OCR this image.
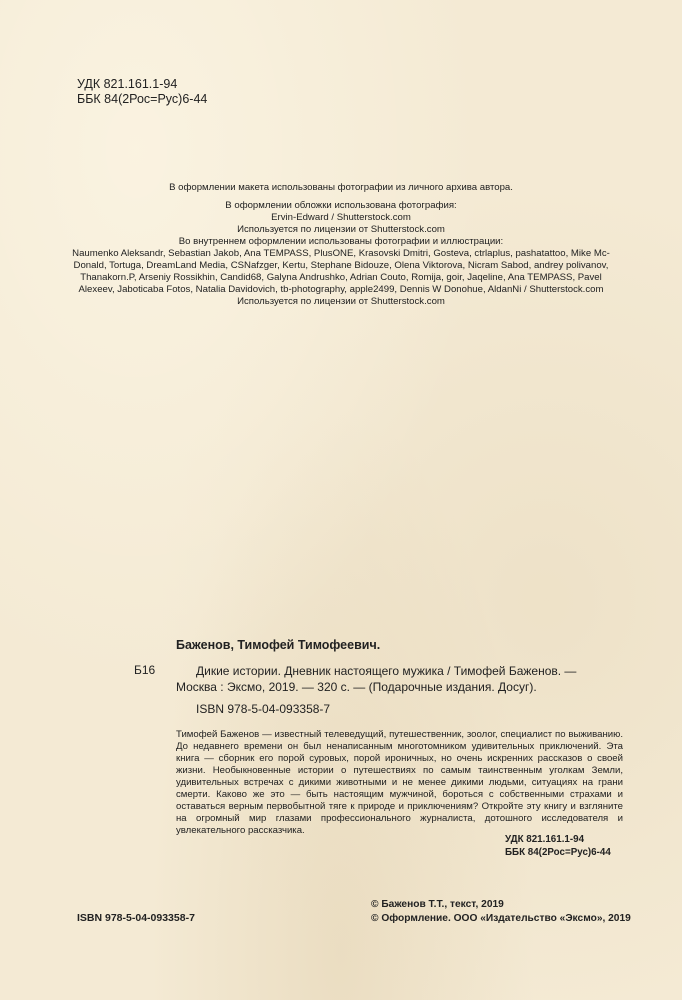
УДК 821.161.1-94
ББК 84(2Рос=Рус)6-44
В оформлении макета использованы фотографии из личного архива автора.
В оформлении обложки использована фотография:
Ervin-Edward / Shutterstock.com
Используется по лицензии от Shutterstock.com
Во внутреннем оформлении использованы фотографии и иллюстрации:
Naumenko Aleksandr, Sebastian Jakob, Ana TEMPASS, PlusONE, Krasovski Dmitri, Gosteva, ctrlaplus, pashatattoo, Mike Mc-
Donald, Tortuga, DreamLand Media, CSNafzger, Kertu, Stephane Bidouze, Olena Viktorova, Nicram Sabod, andrey polivanov,
Thanakorn.P, Arseniy Rossikhin, Candid68, Galyna Andrushko, Adrian Couto, Romija, goir, Jaqeline, Ana TEMPASS, Pavel
Alexeev, Jaboticaba Fotos, Natalia Davidovich, tb-photography, apple2499, Dennis W Donohue, AldanNi / Shutterstock.com
Используется по лицензии от Shutterstock.com
Баженов, Тимофей Тимофеевич.
Б16	Дикие истории. Дневник настоящего мужика / Тимофей Баженов. —
Москва : Эксмо, 2019. — 320 с. — (Подарочные издания. Досуг).
ISBN 978-5-04-093358-7
Тимофей Баженов — известный телеведущий, путешественник, зоолог, специалист по выживанию. До недавнего времени он был ненаписанным многотомником удивительных приключений. Эта книга — сборник его порой суровых, порой ироничных, но очень искренних рассказов о своей жизни. Необыкновенные истории о путешествиях по самым таинственным уголкам Земли, удивительных встречах с дикими животными и не менее дикими людьми, ситуациях на грани смерти. Каково же это — быть настоящим мужчиной, бороться с собственными страхами и оставаться верным первобытной тяге к природе и приключениям? Откройте эту книгу и взгляните на огромный мир глазами профессионального журналиста, дотошного исследователя и увлекательного рассказчика.
УДК 821.161.1-94
ББК 84(2Рос=Рус)6-44
ISBN 978-5-04-093358-7
© Баженов Т.Т., текст, 2019
© Оформление. ООО «Издательство «Эксмо», 2019
